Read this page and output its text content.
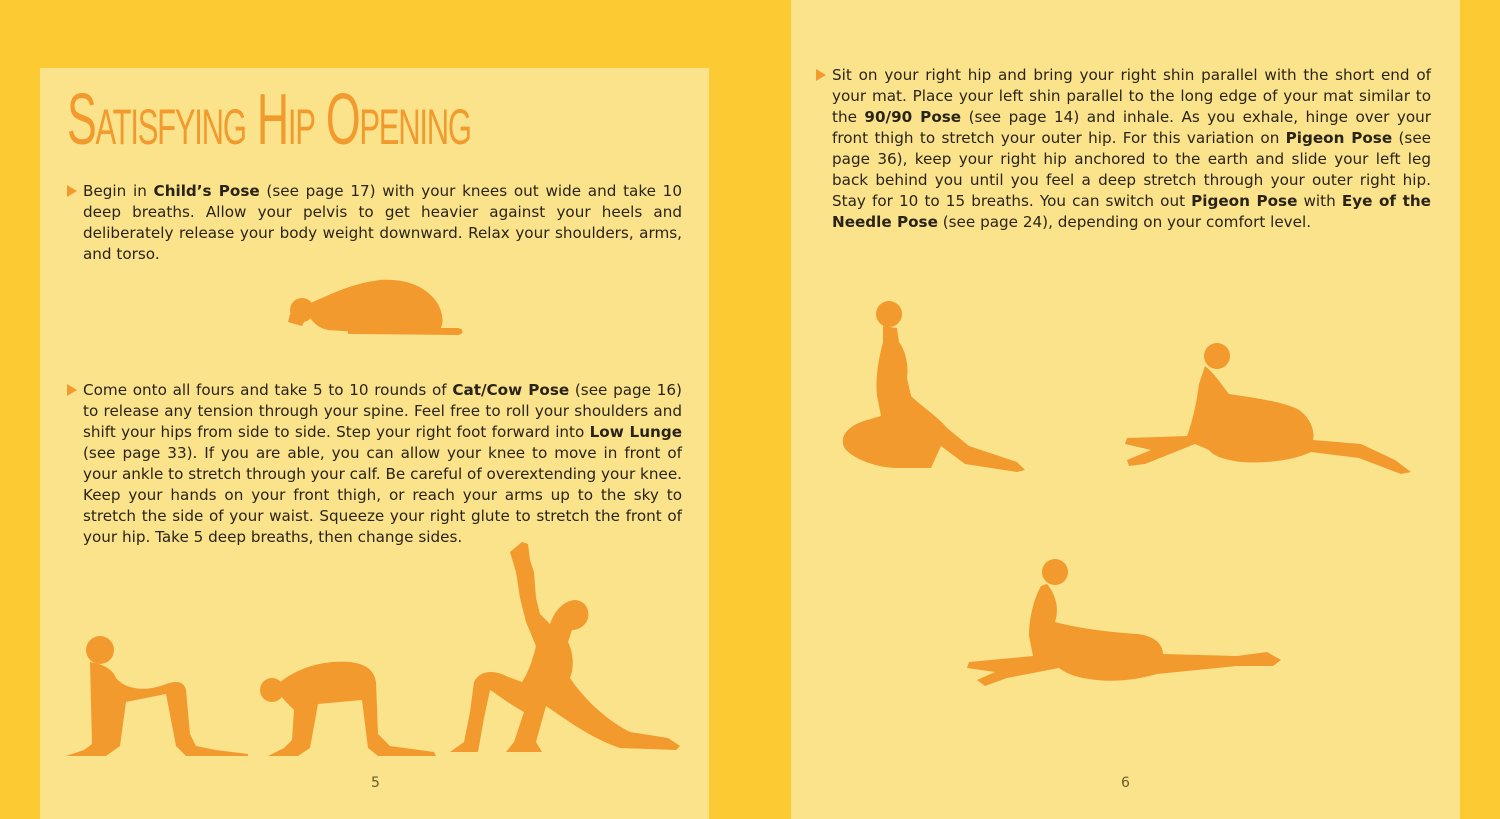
Satisfying Hip Opening
Begin in Child’s Pose (see page 17) with your knees out wide and take 10 deep breaths. Allow your pelvis to get heavier against your heels and deliberately release your body weight downward. Relax your shoulders, arms, and torso.
Come onto all fours and take 5 to 10 rounds of Cat/Cow Pose (see page 16) to release any tension through your spine. Feel free to roll your shoulders and shift your hips from side to side. Step your right foot forward into Low Lunge (see page 33). If you are able, you can allow your knee to move in front of your ankle to stretch through your calf. Be careful of overextending your knee. Keep your hands on your front thigh, or reach your arms up to the sky to stretch the side of your waist. Squeeze your right glute to stretch the front of your hip. Take 5 deep breaths, then change sides.
5
Sit on your right hip and bring your right shin parallel with the short end of your mat. Place your left shin parallel to the long edge of your mat similar to the 90/90 Pose (see page 14) and inhale. As you exhale, hinge over your front thigh to stretch your outer hip. For this variation on Pigeon Pose (see page 36), keep your right hip anchored to the earth and slide your left leg back behind you until you feel a deep stretch through your outer right hip. Stay for 10 to 15 breaths. You can switch out Pigeon Pose with Eye of the Needle Pose (see page 24), depending on your comfort level.
6
